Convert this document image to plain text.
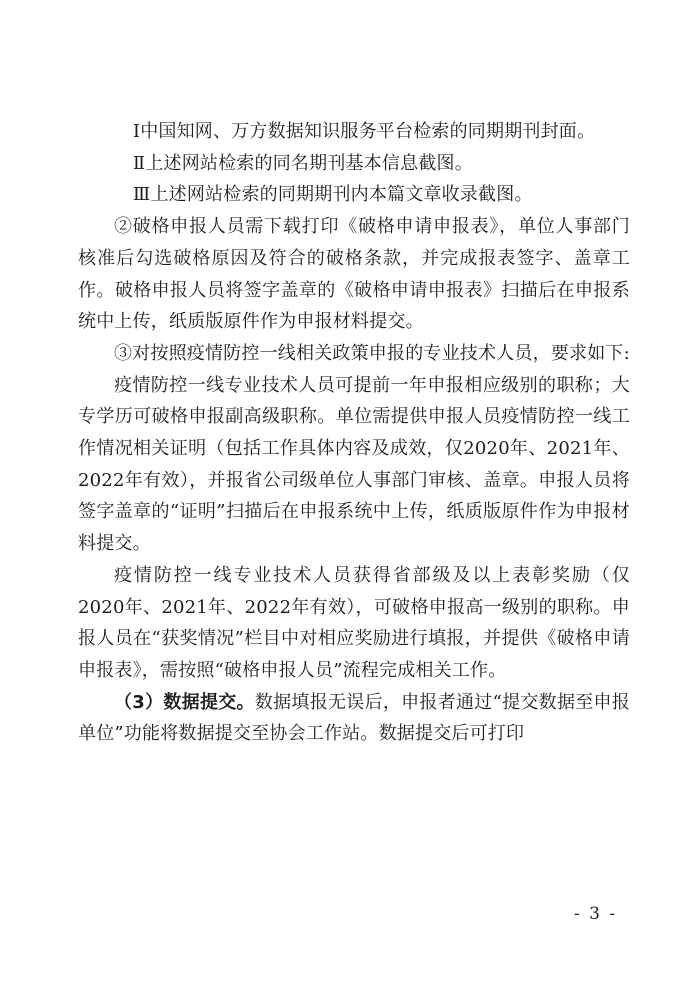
Ⅰ中国知网、万方数据知识服务平台检索的同期期刊封面。

Ⅱ上述网站检索的同名期刊基本信息截图。

Ⅲ上述网站检索的同期期刊内本篇文章收录截图。

②破格申报人员需下载打印《破格申请申报表》，单位人事部门核准后勾选破格原因及符合的破格条款，并完成报表签字、盖章工作。破格申报人员将签字盖章的《破格申请申报表》扫描后在申报系统中上传，纸质版原件作为申报材料提交。

③对按照疫情防控一线相关政策申报的专业技术人员，要求如下:

疫情防控一线专业技术人员可提前一年申报相应级别的职称；大专学历可破格申报副高级职称。单位需提供申报人员疫情防控一线工作情况相关证明（包括工作具体内容及成效，仅2020年、2021年、2022年有效），并报省公司级单位人事部门审核、盖章。申报人员将签字盖章的“证明”扫描后在申报系统中上传，纸质版原件作为申报材料提交。

疫情防控一线专业技术人员获得省部级及以上表彰奖励（仅2020年、2021年、2022年有效），可破格申报高一级别的职称。申报人员在“获奖情况”栏目中对相应奖励进行填报，并提供《破格申请申报表》，需按照“破格申报人员”流程完成相关工作。

（3）数据提交。数据填报无误后，申报者通过“提交数据至申报单位”功能将数据提交至协会工作站。数据提交后可打印

- 3 -
